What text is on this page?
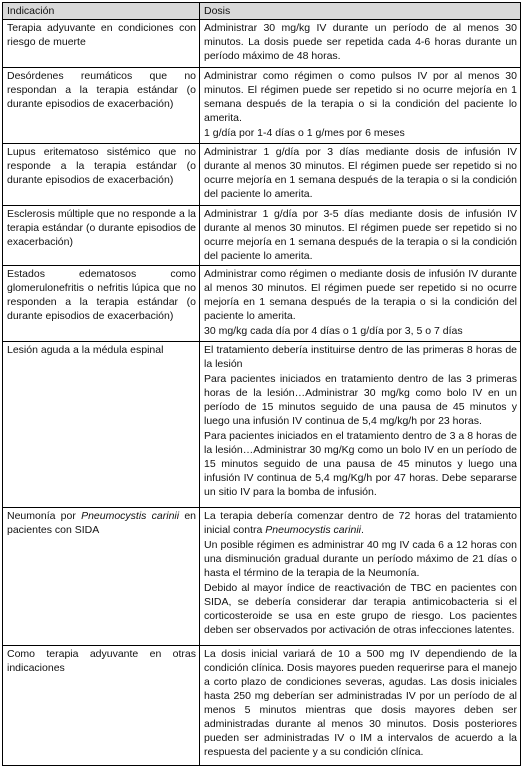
Indicación	Dosis

Terapia adyuvante en condiciones con riesgo de muerte	Administrar 30 mg/kg IV durante un período de al menos 30 minutos. La dosis puede ser repetida cada 4-6 horas durante un período máximo de 48 horas.

Desórdenes reumáticos que no respondan a la terapia estándar (o durante episodios de exacerbación)	Administrar como régimen o como pulsos IV por al menos 30 minutos. El régimen puede ser repetido si no ocurre mejoría en 1 semana después de la terapia o si la condición del paciente lo amerita.

1 g/día por 1-4 días o 1 g/mes por 6 meses

Lupus eritematoso sistémico que no responde a la terapia estándar (o durante episodios de exacerbación)	Administrar 1 g/día por 3 días mediante dosis de infusión IV durante al menos 30 minutos. El régimen puede ser repetido si no ocurre mejoría en 1 semana después de la terapia o si la condición del paciente lo amerita.

Esclerosis múltiple que no responde a la terapia estándar (o durante episodios de exacerbación)	Administrar 1 g/día por 3-5 días mediante dosis de infusión IV durante al menos 30 minutos. El régimen puede ser repetido si no ocurre mejoría en 1 semana después de la terapia o si la condición del paciente lo amerita.

Estados edematosos como glomerulonefritis o nefritis lúpica que no responden a la terapia estándar (o durante episodios de exacerbación)	Administrar como régimen o mediante dosis de infusión IV durante al menos 30 minutos. El régimen puede ser repetido si no ocurre mejoría en 1 semana después de la terapia o si la condición del paciente lo amerita.

30 mg/kg cada día por 4 días o 1 g/día por 3, 5 o 7 días

Lesión aguda a la médula espinal	El tratamiento debería instituirse dentro de las primeras 8 horas de la lesión

Para pacientes iniciados en tratamiento dentro de las 3 primeras horas de la lesión…Administrar 30 mg/kg como bolo IV en un período de 15 minutos seguido de una pausa de 45 minutos y luego una infusión IV continua de 5,4 mg/kg/h por 23 horas.

Para pacientes iniciados en el tratamiento dentro de 3 a 8 horas de la lesión…Administrar 30 mg/Kg como un bolo IV en un período de 15 minutos seguido de una pausa de 45 minutos y luego una infusión IV continua de 5,4 mg/Kg/h por 47 horas. Debe separarse un sitio IV para la bomba de infusión.

Neumonía por Pneumocystis carinii en pacientes con SIDA	La terapia debería comenzar dentro de 72 horas del tratamiento inicial contra Pneumocystis carinii.

Un posible régimen es administrar 40 mg IV cada 6 a 12 horas con una disminución gradual durante un período máximo de 21 días o hasta el término de la terapia de la Neumonía.

Debido al mayor índice de reactivación de TBC en pacientes con SIDA, se debería considerar dar terapia antimicobacteria si el corticosteroide se usa en este grupo de riesgo. Los pacientes deben ser observados por activación de otras infecciones latentes.

Como terapia adyuvante en otras indicaciones	La dosis inicial variará de 10 a 500 mg IV dependiendo de la condición clínica. Dosis mayores pueden requerirse para el manejo a corto plazo de condiciones severas, agudas. Las dosis iniciales hasta 250 mg deberían ser administradas IV por un período de al menos 5 minutos mientras que dosis mayores deben ser administradas durante al menos 30 minutos. Dosis posteriores pueden ser administradas IV o IM a intervalos de acuerdo a la respuesta del paciente y a su condición clínica.
